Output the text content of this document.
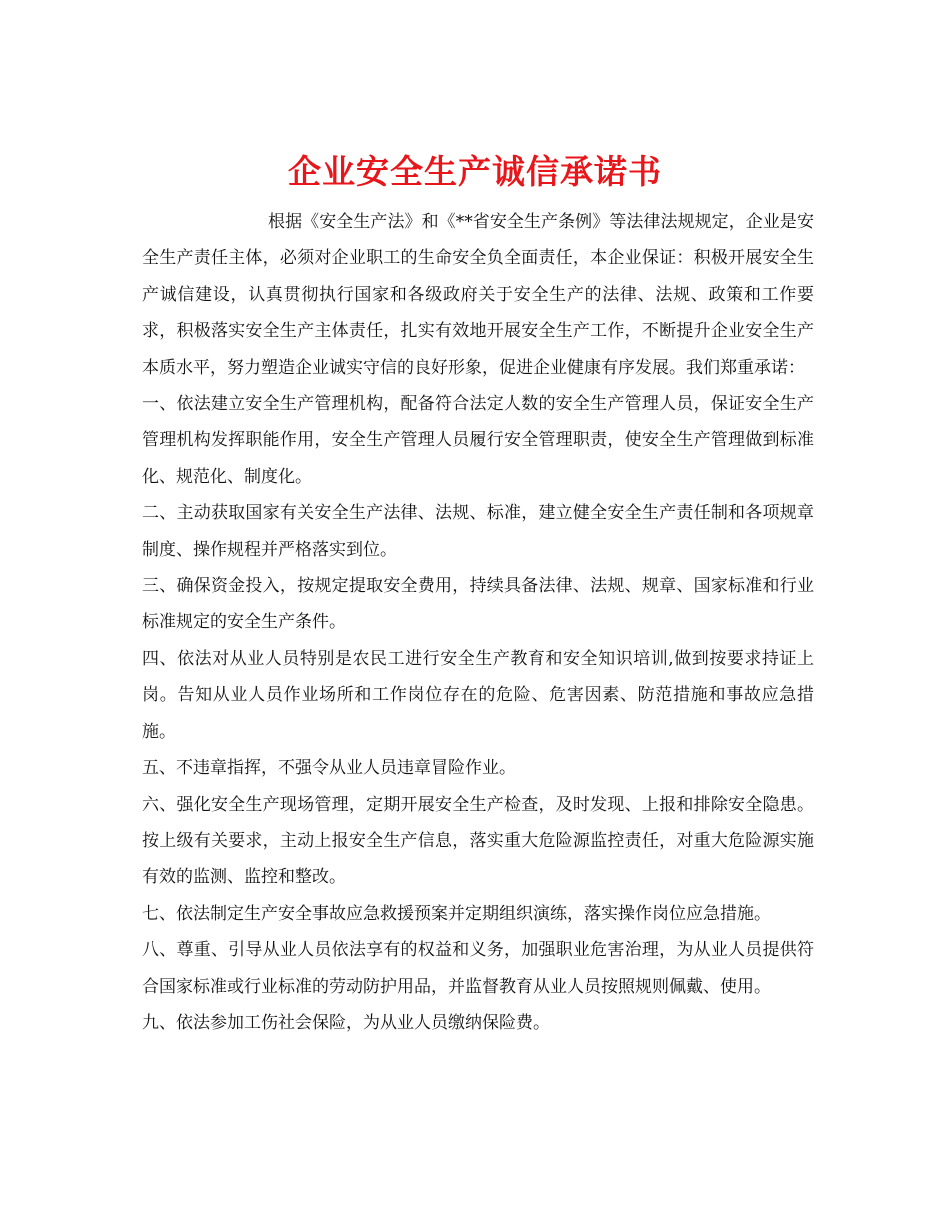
企业安全生产诚信承诺书

根据《安全生产法》和《**省安全生产条例》等法律法规规定，企业是安全生产责任主体，必须对企业职工的生命安全负全面责任，本企业保证：积极开展安全生产诚信建设，认真贯彻执行国家和各级政府关于安全生产的法律、法规、政策和工作要求，积极落实安全生产主体责任，扎实有效地开展安全生产工作，不断提升企业安全生产本质水平，努力塑造企业诚实守信的良好形象，促进企业健康有序发展。我们郑重承诺：

一、依法建立安全生产管理机构，配备符合法定人数的安全生产管理人员，保证安全生产管理机构发挥职能作用，安全生产管理人员履行安全管理职责，使安全生产管理做到标准化、规范化、制度化。

二、主动获取国家有关安全生产法律、法规、标准，建立健全安全生产责任制和各项规章制度、操作规程并严格落实到位。

三、确保资金投入，按规定提取安全费用，持续具备法律、法规、规章、国家标准和行业标准规定的安全生产条件。

四、依法对从业人员特别是农民工进行安全生产教育和安全知识培训,做到按要求持证上岗。告知从业人员作业场所和工作岗位存在的危险、危害因素、防范措施和事故应急措施。

五、不违章指挥，不强令从业人员违章冒险作业。

六、强化安全生产现场管理，定期开展安全生产检查，及时发现、上报和排除安全隐患。按上级有关要求，主动上报安全生产信息，落实重大危险源监控责任，对重大危险源实施有效的监测、监控和整改。

七、依法制定生产安全事故应急救援预案并定期组织演练，落实操作岗位应急措施。

八、尊重、引导从业人员依法享有的权益和义务，加强职业危害治理，为从业人员提供符合国家标准或行业标准的劳动防护用品，并监督教育从业人员按照规则佩戴、使用。

九、依法参加工伤社会保险，为从业人员缴纳保险费。
